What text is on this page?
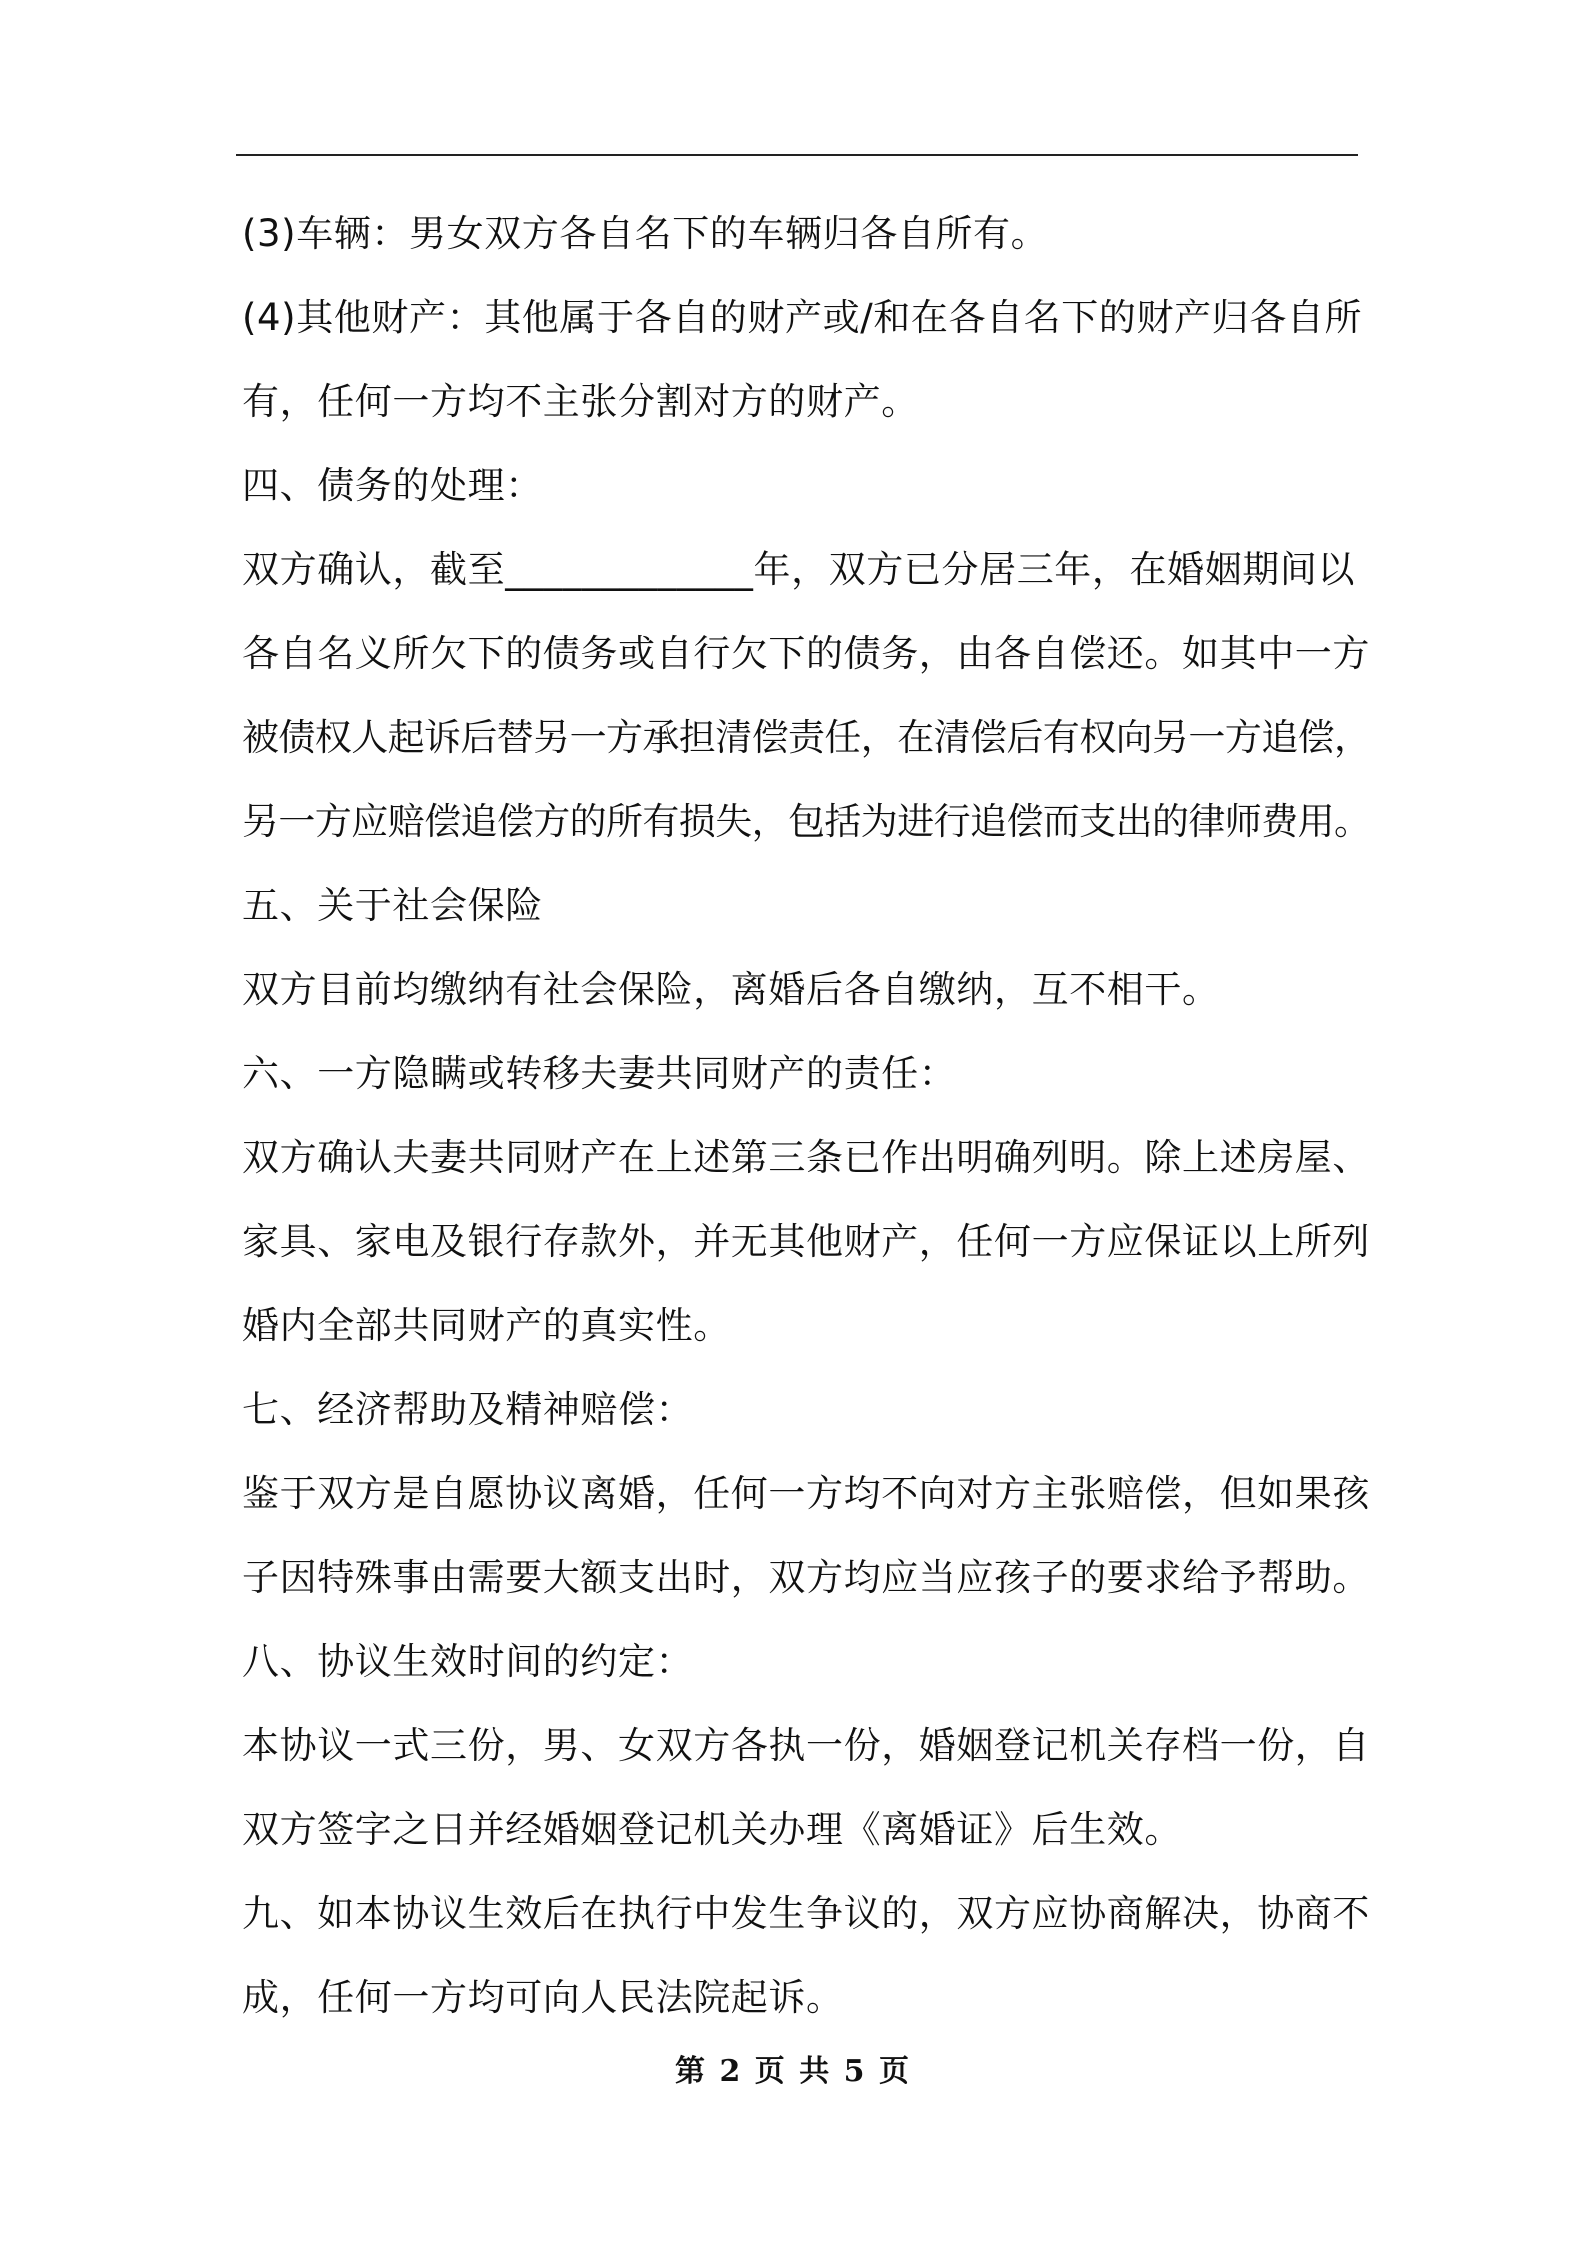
(3)车辆：男女双方各自名下的车辆归各自所有。
(4)其他财产：其他属于各自的财产或/和在各自名下的财产归各自所
有，任何一方均不主张分割对方的财产。
四、债务的处理：
双方确认，截至_____________年，双方已分居三年，在婚姻期间以
各自名义所欠下的债务或自行欠下的债务，由各自偿还。如其中一方
被债权人起诉后替另一方承担清偿责任，在清偿后有权向另一方追偿，
另一方应赔偿追偿方的所有损失，包括为进行追偿而支出的律师费用。
五、关于社会保险
双方目前均缴纳有社会保险，离婚后各自缴纳，互不相干。
六、一方隐瞒或转移夫妻共同财产的责任：
双方确认夫妻共同财产在上述第三条已作出明确列明。除上述房屋、
家具、家电及银行存款外，并无其他财产，任何一方应保证以上所列
婚内全部共同财产的真实性。
七、经济帮助及精神赔偿：
鉴于双方是自愿协议离婚，任何一方均不向对方主张赔偿，但如果孩
子因特殊事由需要大额支出时，双方均应当应孩子的要求给予帮助。
八、协议生效时间的约定：
本协议一式三份，男、女双方各执一份，婚姻登记机关存档一份，自
双方签字之日并经婚姻登记机关办理《离婚证》后生效。
九、如本协议生效后在执行中发生争议的，双方应协商解决，协商不
成，任何一方均可向人民法院起诉。
第 2 页 共 5 页
